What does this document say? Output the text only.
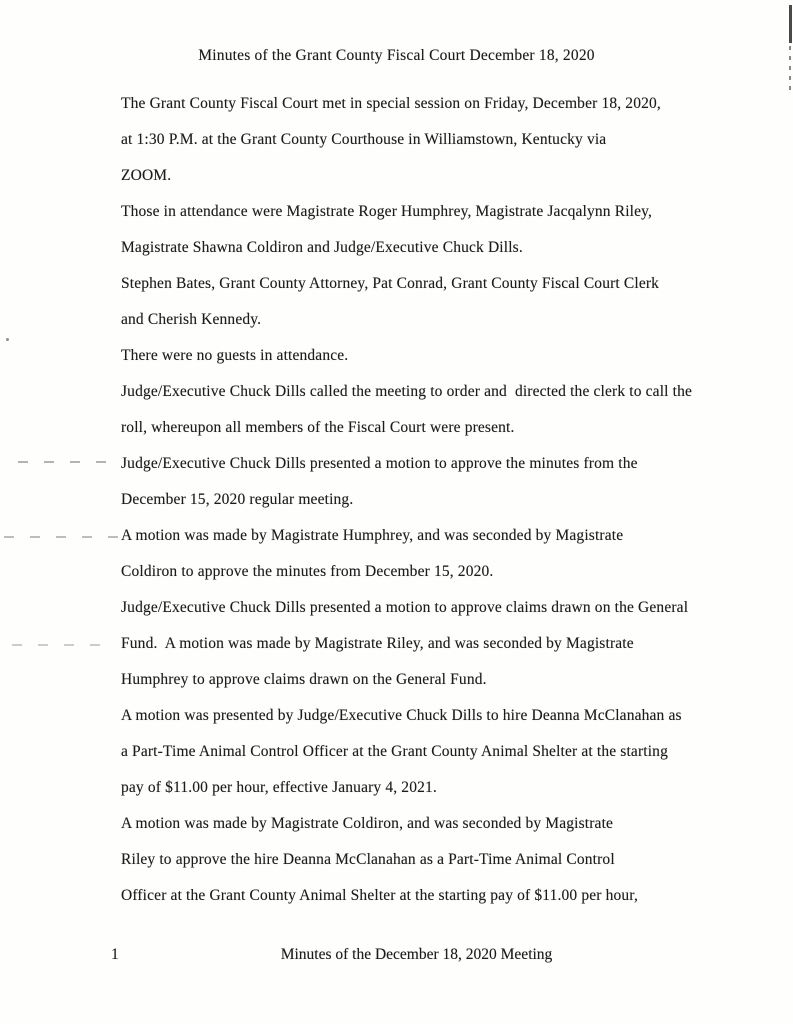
Minutes of the Grant County Fiscal Court December 18, 2020
The Grant County Fiscal Court met in special session on Friday, December 18, 2020,
at 1:30 P.M. at the Grant County Courthouse in Williamstown, Kentucky via
ZOOM.
Those in attendance were Magistrate Roger Humphrey, Magistrate Jacqalynn Riley,
Magistrate Shawna Coldiron and Judge/Executive Chuck Dills.
Stephen Bates, Grant County Attorney, Pat Conrad, Grant County Fiscal Court Clerk
and Cherish Kennedy.
There were no guests in attendance.
Judge/Executive Chuck Dills called the meeting to order and  directed the clerk to call the
roll, whereupon all members of the Fiscal Court were present.
Judge/Executive Chuck Dills presented a motion to approve the minutes from the
December 15, 2020 regular meeting.
A motion was made by Magistrate Humphrey, and was seconded by Magistrate
Coldiron to approve the minutes from December 15, 2020.
Judge/Executive Chuck Dills presented a motion to approve claims drawn on the General
Fund.  A motion was made by Magistrate Riley, and was seconded by Magistrate
Humphrey to approve claims drawn on the General Fund.
A motion was presented by Judge/Executive Chuck Dills to hire Deanna McClanahan as
a Part-Time Animal Control Officer at the Grant County Animal Shelter at the starting
pay of $11.00 per hour, effective January 4, 2021.
A motion was made by Magistrate Coldiron, and was seconded by Magistrate
Riley to approve the hire Deanna McClanahan as a Part-Time Animal Control
Officer at the Grant County Animal Shelter at the starting pay of $11.00 per hour,
1	Minutes of the December 18, 2020 Meeting
